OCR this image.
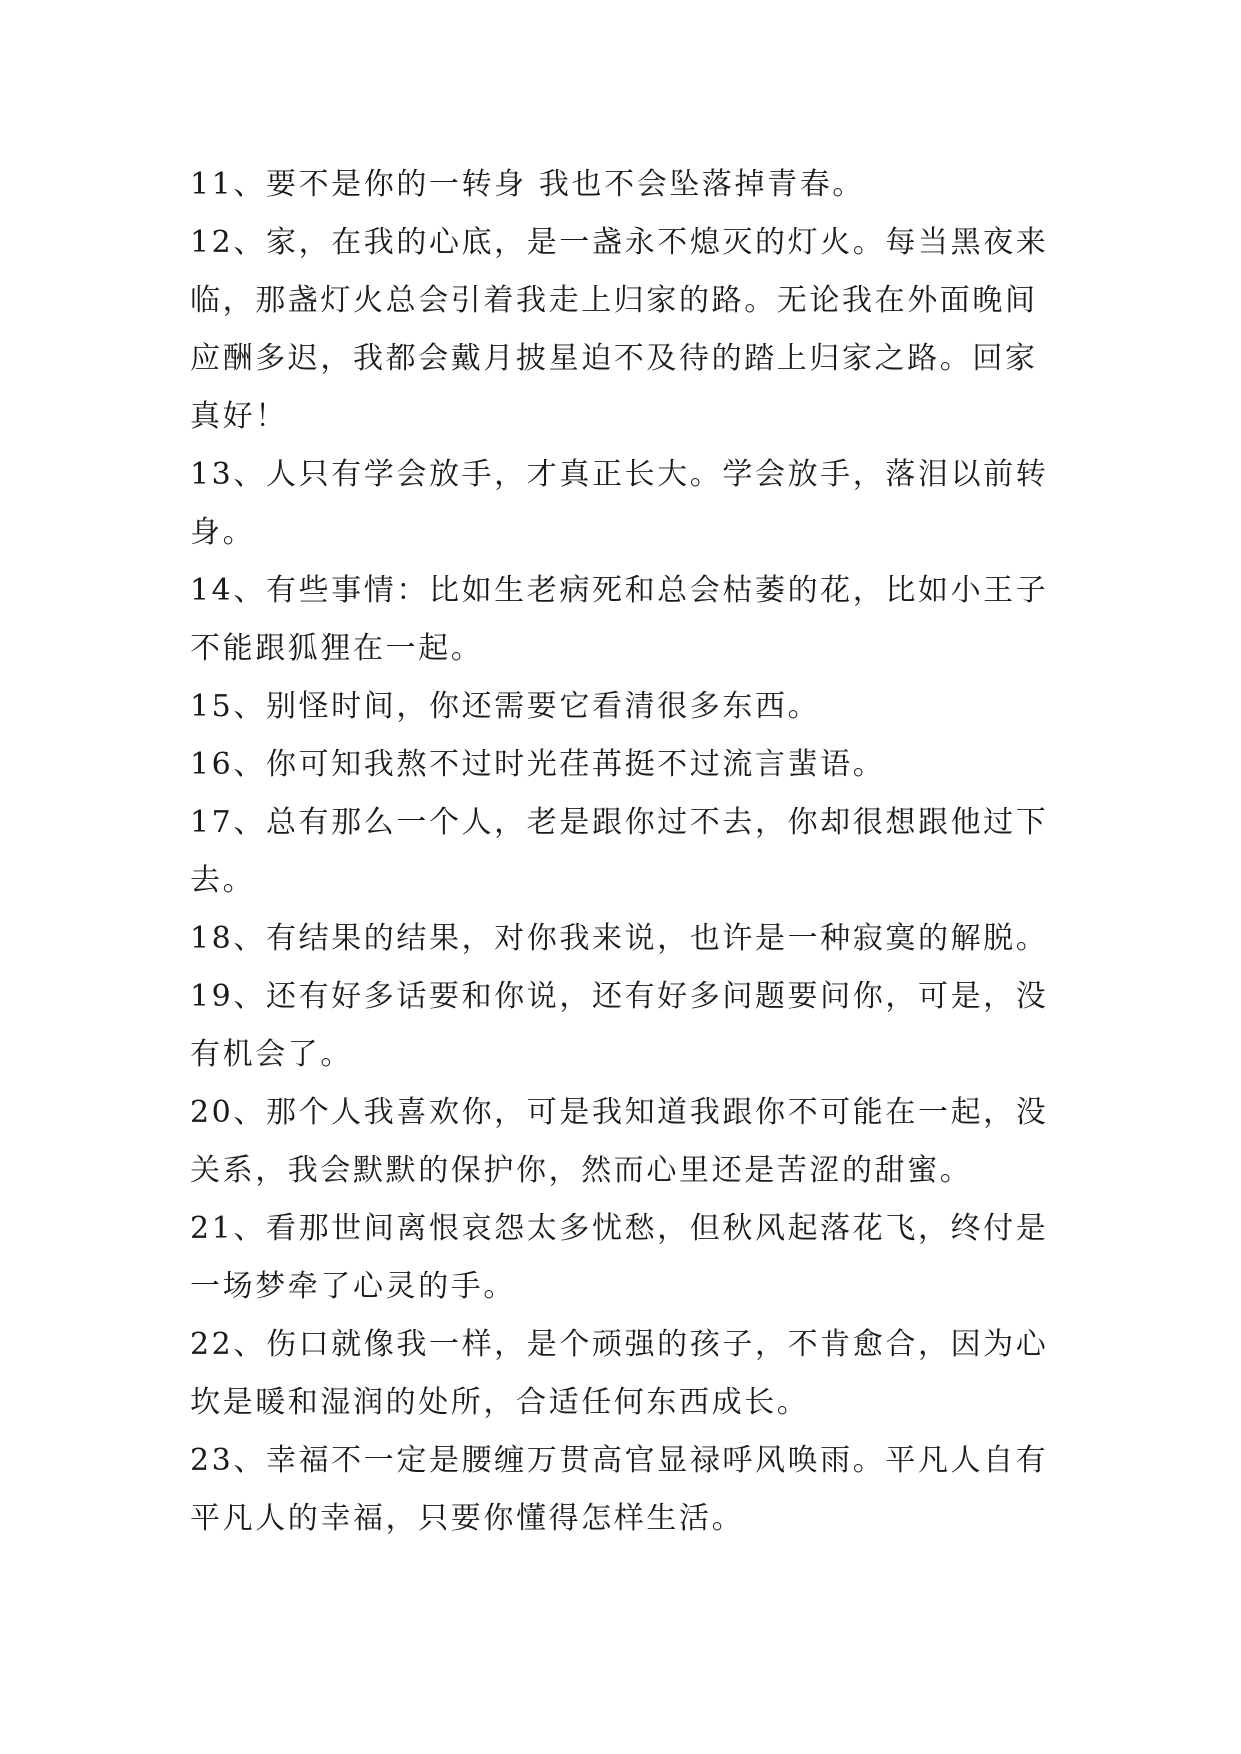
11、要不是你的一转身 我也不会坠落掉青春。
12、家，在我的心底，是一盏永不熄灭的灯火。每当黑夜来
临，那盏灯火总会引着我走上归家的路。无论我在外面晚间
应酬多迟，我都会戴月披星迫不及待的踏上归家之路。回家
真好！
13、人只有学会放手，才真正长大。学会放手，落泪以前转
身。
14、有些事情：比如生老病死和总会枯萎的花，比如小王子
不能跟狐狸在一起。
15、别怪时间，你还需要它看清很多东西。
16、你可知我熬不过时光荏苒挺不过流言蜚语。
17、总有那么一个人，老是跟你过不去，你却很想跟他过下
去。
18、有结果的结果，对你我来说，也许是一种寂寞的解脱。
19、还有好多话要和你说，还有好多问题要问你，可是，没
有机会了。
20、那个人我喜欢你，可是我知道我跟你不可能在一起，没
关系，我会默默的保护你，然而心里还是苦涩的甜蜜。
21、看那世间离恨哀怨太多忧愁，但秋风起落花飞，终付是
一场梦牵了心灵的手。
22、伤口就像我一样，是个顽强的孩子，不肯愈合，因为心
坎是暖和湿润的处所，合适任何东西成长。
23、幸福不一定是腰缠万贯高官显禄呼风唤雨。平凡人自有
平凡人的幸福，只要你懂得怎样生活。
